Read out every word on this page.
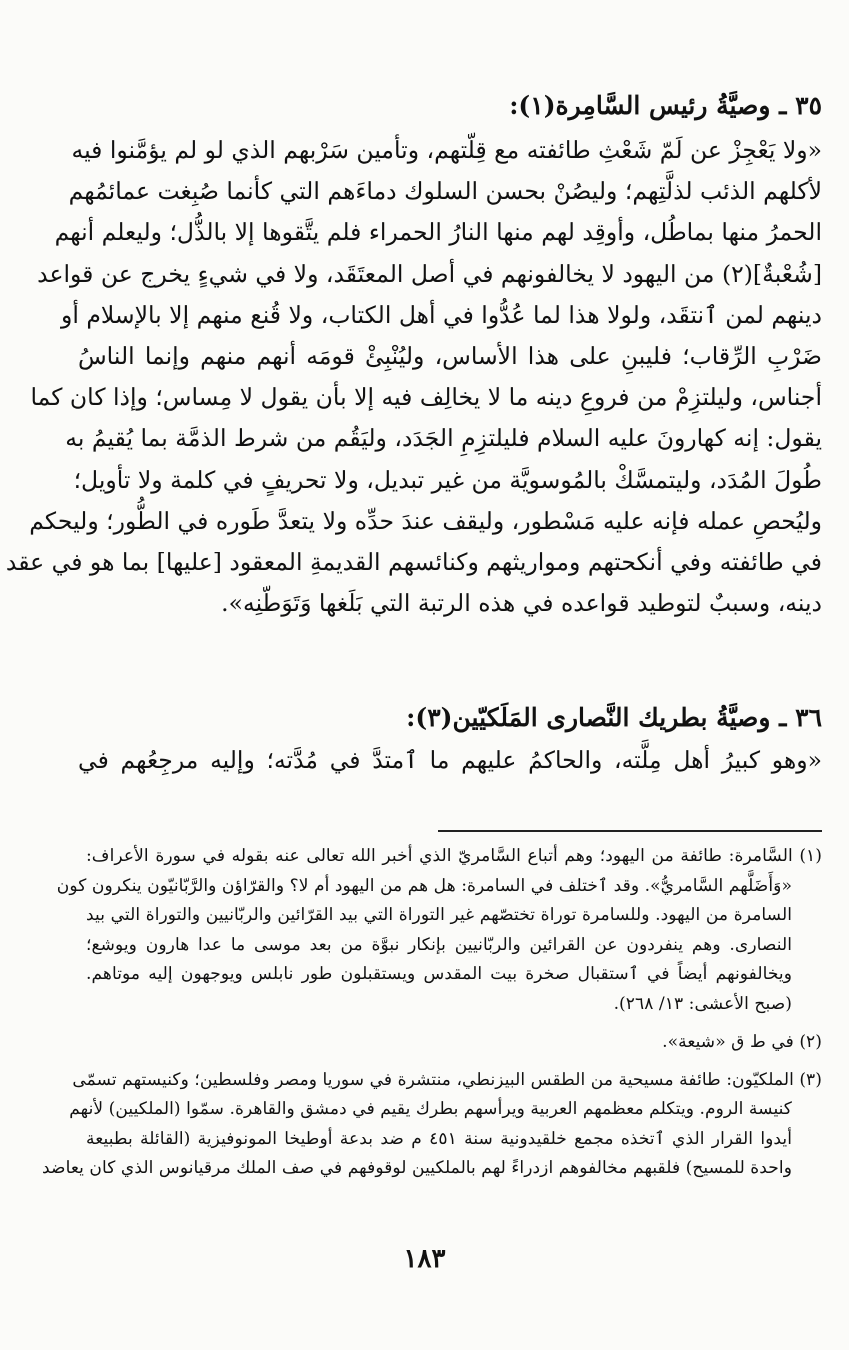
٣٥ ـ وصيَّةُ رئيس السَّامِرة(١):

«ولا يَعْجِزْ عن لَمّ شَعْثِ طائفته مع قِلّتهم، وتأمين سَرْبهم الذي لو لم يؤمَّنوا فيه
لأكلهم الذئب لذلَّتِهم؛ وليصُنْ بحسن السلوك دماءَهم التي كأنما صُبِغت عمائمُهم
الحمرُ منها بماطُل، وأوقِد لهم منها النارُ الحمراء فلم يتَّقوها إلا بالذُّل؛ وليعلم أنهم
[شُعْبةٌ](٢) من اليهود لا يخالفونهم في أصل المعتَقَد، ولا في شيءٍ يخرج عن قواعد
دينهم لمن ٱنتقَد، ولولا هذا لما عُدُّوا في أهل الكتاب، ولا قُنع منهم إلا بالإسلام أو
ضَرْبِ الرِّقاب؛ فليبنِ على هذا الأساس، وليُنْبِئْ قومَه أنهم منهم وإنما الناسُ
أجناس، وليلتزِمْ من فروعِ دينه ما لا يخالِف فيه إلا بأن يقول لا مِساس؛ وإذا كان كما
يقول: إنه كهارونَ عليه السلام فليلتزِمِ الجَدَد، وليَقُم من شرط الذمَّة بما يُقيمُ به
طُولَ المُدَد، وليتمسَّكْ بالمُوسويَّة من غير تبديل، ولا تحريفٍ في كلمة ولا تأويل؛
وليُحصِ عمله فإنه عليه مَسْطور، وليقف عندَ حدِّه ولا يتعدَّ طَوره في الطُّور؛ وليحكم
في طائفته وفي أنكحتهم ومواريثهم وكنائسهم القديمةِ المعقود [عليها] بما هو في عقد
دينه، وسببٌ لتوطيد قواعده في هذه الرتبة التي بَلَغها وَتَوَطّنِه».

٣٦ ـ وصيَّةُ بطريك النَّصارى المَلَكيّين(٣):

«وهو كبيرُ أهل مِلَّته، والحاكمُ عليهم ما ٱمتدَّ في مُدَّته؛ وإليه مرجِعُهم في

(١) السَّامرة: طائفة من اليهود؛ وهم أتباع السَّامريّ الذي أخبر الله تعالى عنه بقوله في سورة الأعراف:
«وَأَضَلَّهم السَّامريُّ». وقد ٱختلف في السامرة: هل هم من اليهود أم لا؟ والقرّاؤن والرَّبّانيّون ينكرون كون
السامرة من اليهود. وللسامرة توراة تختصّهم غير التوراة التي بيد القرّائين والربّانيين والتوراة التي بيد
النصارى. وهم ينفردون عن القرائين والربّانيين بإنكار نبوَّة من بعد موسى ما عدا هارون ويوشع؛
ويخالفونهم أيضاً في ٱستقبال صخرة بيت المقدس ويستقبلون طور نابلس ويوجهون إليه موتاهم.
(صبح الأعشى: ١٣/ ٢٦٨).
(٢) في ط ق «شيعة».
(٣) الملكيّون: طائفة مسيحية من الطقس البيزنطي، منتشرة في سوريا ومصر وفلسطين؛ وكنيستهم تسمّى
كنيسة الروم. ويتكلم معظمهم العربية ويرأسهم بطرك يقيم في دمشق والقاهرة. سمّوا (الملكيين) لأنهم
أيدوا القرار الذي ٱتخذه مجمع خلقيدونية سنة ٤٥١ م ضد بدعة أوطيخا المونوفيزية (القائلة بطبيعة
واحدة للمسيح) فلقبهم مخالفوهم ازدراءً لهم بالملكيين لوقوفهم في صف الملك مرقيانوس الذي كان يعاضد
١٨٣
